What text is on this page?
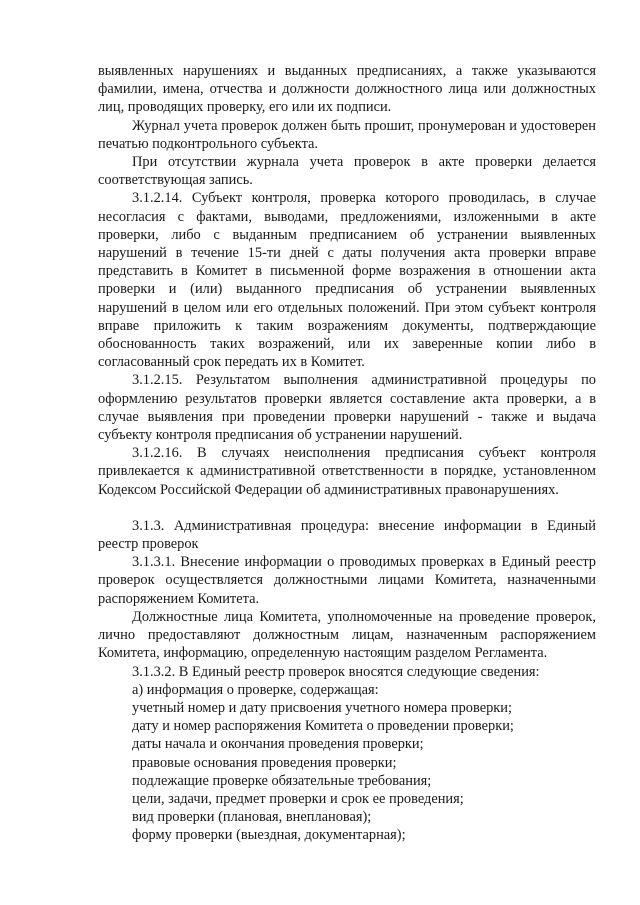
выявленных нарушениях и выданных предписаниях, а также указываются фамилии, имена, отчества и должности должностного лица или должностных лиц, проводящих проверку, его или их подписи.

Журнал учета проверок должен быть прошит, пронумерован и удостоверен печатью подконтрольного субъекта.

При отсутствии журнала учета проверок в акте проверки делается соответствующая запись.

3.1.2.14. Субъект контроля, проверка которого проводилась, в случае несогласия с фактами, выводами, предложениями, изложенными в акте проверки, либо с выданным предписанием об устранении выявленных нарушений в течение 15-ти дней с даты получения акта проверки вправе представить в Комитет в письменной форме возражения в отношении акта проверки и (или) выданного предписания об устранении выявленных нарушений в целом или его отдельных положений. При этом субъект контроля вправе приложить к таким возражениям документы, подтверждающие обоснованность таких возражений, или их заверенные копии либо в согласованный срок передать их в Комитет.

3.1.2.15. Результатом выполнения административной процедуры по оформлению результатов проверки является составление акта проверки, а в случае выявления при проведении проверки нарушений - также и выдача субъекту контроля предписания об устранении нарушений.

3.1.2.16. В случаях неисполнения предписания субъект контроля привлекается к административной ответственности в порядке, установленном Кодексом Российской Федерации об административных правонарушениях.

3.1.3. Административная процедура: внесение информации в Единый реестр проверок

3.1.3.1. Внесение информации о проводимых проверках в Единый реестр проверок осуществляется должностными лицами Комитета, назначенными распоряжением Комитета.

Должностные лица Комитета, уполномоченные на проведение проверок, лично предоставляют должностным лицам, назначенным распоряжением Комитета, информацию, определенную настоящим разделом Регламента.

3.1.3.2. В Единый реестр проверок вносятся следующие сведения:

а) информация о проверке, содержащая:

учетный номер и дату присвоения учетного номера проверки;

дату и номер распоряжения Комитета о проведении проверки;

даты начала и окончания проведения проверки;

правовые основания проведения проверки;

подлежащие проверке обязательные требования;

цели, задачи, предмет проверки и срок ее проведения;

вид проверки (плановая, внеплановая);

форму проверки (выездная, документарная);
